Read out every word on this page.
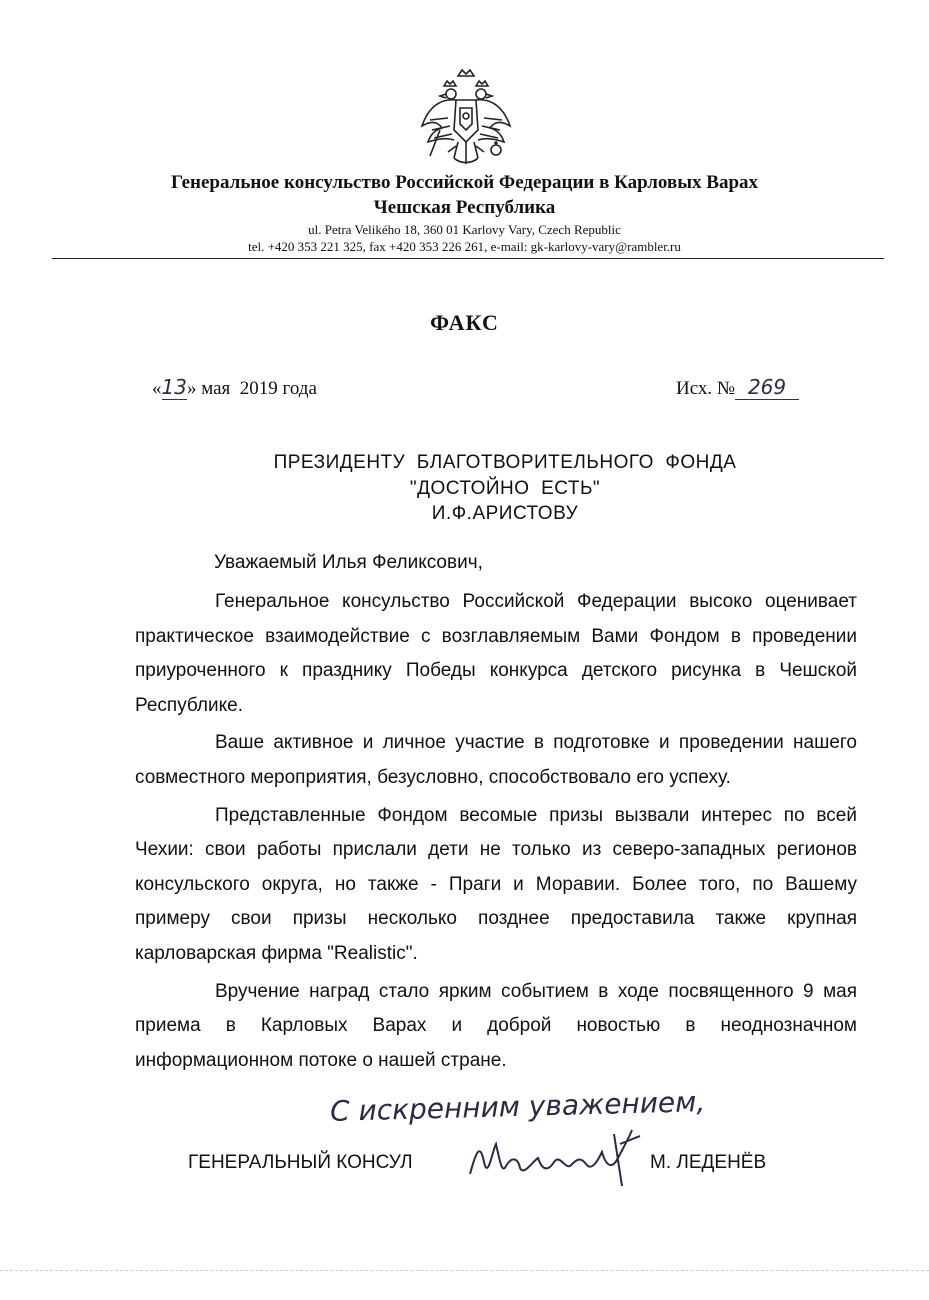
Генеральное консульство Российской Федерации в Карловых Варах
Чешская Республика
ul. Petra Velikého 18, 360 01 Karlovy Vary, Czech Republic
tel. +420 353 221 325, fax +420 353 226 261, e-mail: gk-karlovy-vary@rambler.ru
ФАКС
«13» мая  2019 года	Исх. № 269
ПРЕЗИДЕНТУ  БЛАГОТВОРИТЕЛЬНОГО  ФОНДА
"ДОСТОЙНО  ЕСТЬ"
И.Ф.АРИСТОВУ
Уважаемый Илья Феликсович,

Генеральное консульство Российской Федерации высоко оценивает практическое взаимодействие с возглавляемым Вами Фондом в проведении приуроченного к празднику Победы конкурса детского рисунка в Чешской Республике.

Ваше активное и личное участие в подготовке и проведении нашего совместного мероприятия, безусловно, способствовало его успеху.

Представленные Фондом весомые призы вызвали интерес по всей Чехии: свои работы прислали дети не только из северо-западных регионов консульского округа, но также - Праги и Моравии. Более того, по Вашему примеру свои призы несколько позднее предоставила также крупная карловарская фирма "Realistic".

Вручение наград стало ярким событием в ходе посвященного 9 мая приема в Карловых Варах и доброй новостью в неоднозначном информационном потоке о нашей стране.

С искренним уважением,
ГЕНЕРАЛЬНЫЙ КОНСУЛ	М. ЛЕДЕНЁВ
